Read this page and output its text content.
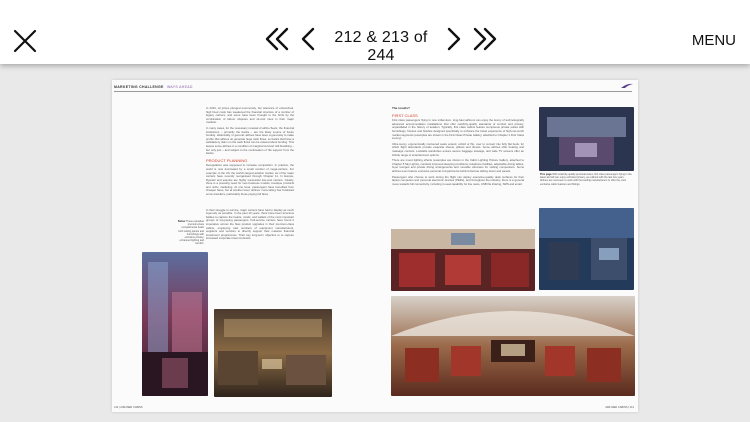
212 & 213 of 244
MENU
MARKETING CHALLENGE WAYS AHEAD

In 2010, oil prices plunged enormously, but tolerance of entrenched, high fixed costs has weakened the financial structure of a number of legacy carriers, and some have been brought to the brink by the combination of labour disputes and oil-cost rises in their major markets.

In many cases, for the necessary renewal of airline fleets, the financial institutions – primarily the banks – are the likely source of future funding. Historically, in general, airlines have been a good way to make profits. But airlines do generate huge cash flows, so banks that have a satisfactory claim on the cash flows can be relaxed about lending. This leaves some airlines in a condition of marginal survival: still breathing – but only just – and subject to the continuation of 'life support' from the banks.

PRODUCT PLANNING

Deregulation was supposed to increase competition. In practice, the world is now dominated by a small number of mega-carriers. For example, in the US, the world's largest aviation market, six of the major carriers have recently reorganised through Chapter 11. In Europe, Ryanair and easyJet are highly successful low-cost carriers. Clearly, there is a pressing need for new business models, boutique products and niche marketing. At one level, passengers have benefited from cheaper fares, but at another level, airlines' cost-cutting has frustrated some travellers, particularly those paying full fares.

In their struggle to survive, major carriers have had to display as much ingenuity as possible. In the past 10 years, there have been ferocious battles to capture the hearts, minds, and wallets of the most important groups of top-paying passengers. Full-service carriers have found it imperative across the fleet product upgrades in their premium-class cabins, employing vast numbers of equipment manufacturers, suppliers and vendors to directly support their massive financial investment programmes. Their key long-term objective is to capture increased corporate travel contracts.

Below These upmarket premium-class compartments boast both ceiling panels and furnishings with exclusive privacy, enhanced lighting and comfort.
212 | AIRLINER CABINS
The results?
FIRST CLASS

First class passengers flying in new millennium, long-haul airliners can enjoy the luxury of technologically advanced accommodation installations that offer celebrity-quality standards of comfort and privacy, unparalleled in the history of aviation. Typically, first class cabins feature sumptuous private suites with furnishings, fixtures and finishes designed specifically to enhance the travel experience of high-net-worth market segments (examples are shown in the First Class Private Gallery, attached to Chapter 1 First Class Luxury).

Ultra-roomy, ergonomically contoured seats extend, unfold or flip, over to convert into fully flat beds, for which flight attendants provide exquisite sheets, pillows and duvets. Some airlines offer heating and massage controls. Lockable wardrobes ensure secure baggage stowage, and wide TV screens offer an infinite range of entertainment options.

There are mood lighting effects (examples are shown in the Cabin Lighting Picture Gallery, attached to Chapter 5 Sky Lights), constant improved sleeping conditions, telephone facilities, adjustable dining tables, foyer lounges and private dining arrangements and movable ottomans for visiting companions. Some airlines even feature exclusive personal compartments behind discrete sliding doors and panels.

Passengers who choose to work during the flight can deploy executive-quality desk surfaces for their laptop computers and personal electronic devices (PEDs), and throughout the industry, there is a general move towards full connectivity, including in-seat capability for live news, USB file sharing, SMS and email.

This page With celebrity-quality personal suites, first class passengers flying in the latest aircraft can enjoy unlimited privacy, as outlined with the last few years. Airlines are now keen to work with the leading manufacturers to offer the most exclusive cabin features and fittings.
AIRLINER CABINS | 213
